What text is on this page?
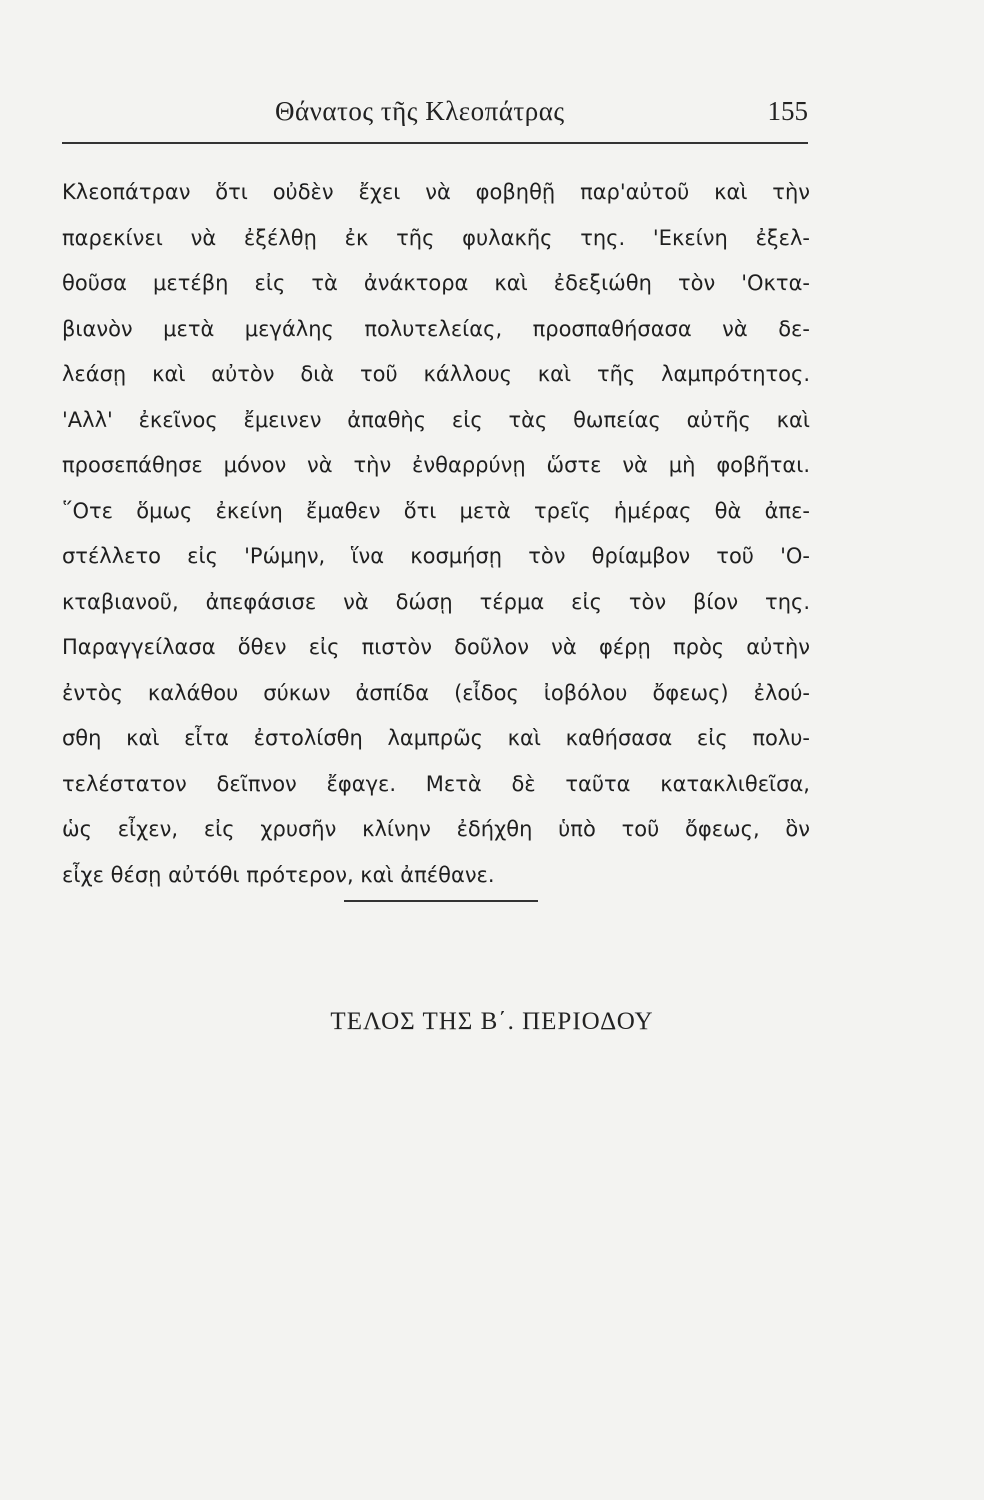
Θάνατος τῆς Κλεοπάτρας	155
Κλεοπάτραν ὅτι οὐδὲν ἔχει νὰ φοβηθῇ παρ'αὐτοῦ καὶ τὴν
παρεκίνει νὰ ἐξέλθῃ ἐκ τῆς φυλακῆς της. 'Εκείνη ἐξελ-
θοῦσα μετέβη εἰς τὰ ἀνάκτορα καὶ ἐδεξιώθη τὸν 'Οκτα-
βιανὸν μετὰ μεγάλης πολυτελείας, προσπαθήσασα νὰ δε-
λεάσῃ καὶ αὐτὸν διὰ τοῦ κάλλους καὶ τῆς λαμπρότητος.
'Αλλ' ἐκεῖνος ἔμεινεν ἀπαθὴς εἰς τὰς θωπείας αὐτῆς καὶ
προσεπάθησε μόνον νὰ τὴν ἐνθαρρύνῃ ὥστε νὰ μὴ φοβῆται.
῞Οτε ὅμως ἐκείνη ἔμαθεν ὅτι μετὰ τρεῖς ἡμέρας θὰ ἀπε-
στέλλετο εἰς 'Ρώμην, ἵνα κοσμήσῃ τὸν θρίαμβον τοῦ 'Ο-
κταβιανοῦ, ἀπεφάσισε νὰ δώσῃ τέρμα εἰς τὸν βίον της.
Παραγγείλασα ὅθεν εἰς πιστὸν δοῦλον νὰ φέρῃ πρὸς αὐτὴν
ἐντὸς καλάθου σύκων ἀσπίδα (εἶδος ἰοβόλου ὄφεως) ἐλού-
σθη καὶ εἶτα ἐστολίσθη λαμπρῶς καὶ καθήσασα εἰς πολυ-
τελέστατον δεῖπνον ἔφαγε. Μετὰ δὲ ταῦτα κατακλιθεῖσα,
ὡς εἶχεν, εἰς χρυσῆν κλίνην ἐδήχθη ὑπὸ τοῦ ὄφεως, ὃν
εἶχε θέσῃ αὐτόθι πρότερον, καὶ ἀπέθανε.
ΤΕΛΟΣ ΤΗΣ Β΄. ΠΕΡΙΟΔΟΥ
